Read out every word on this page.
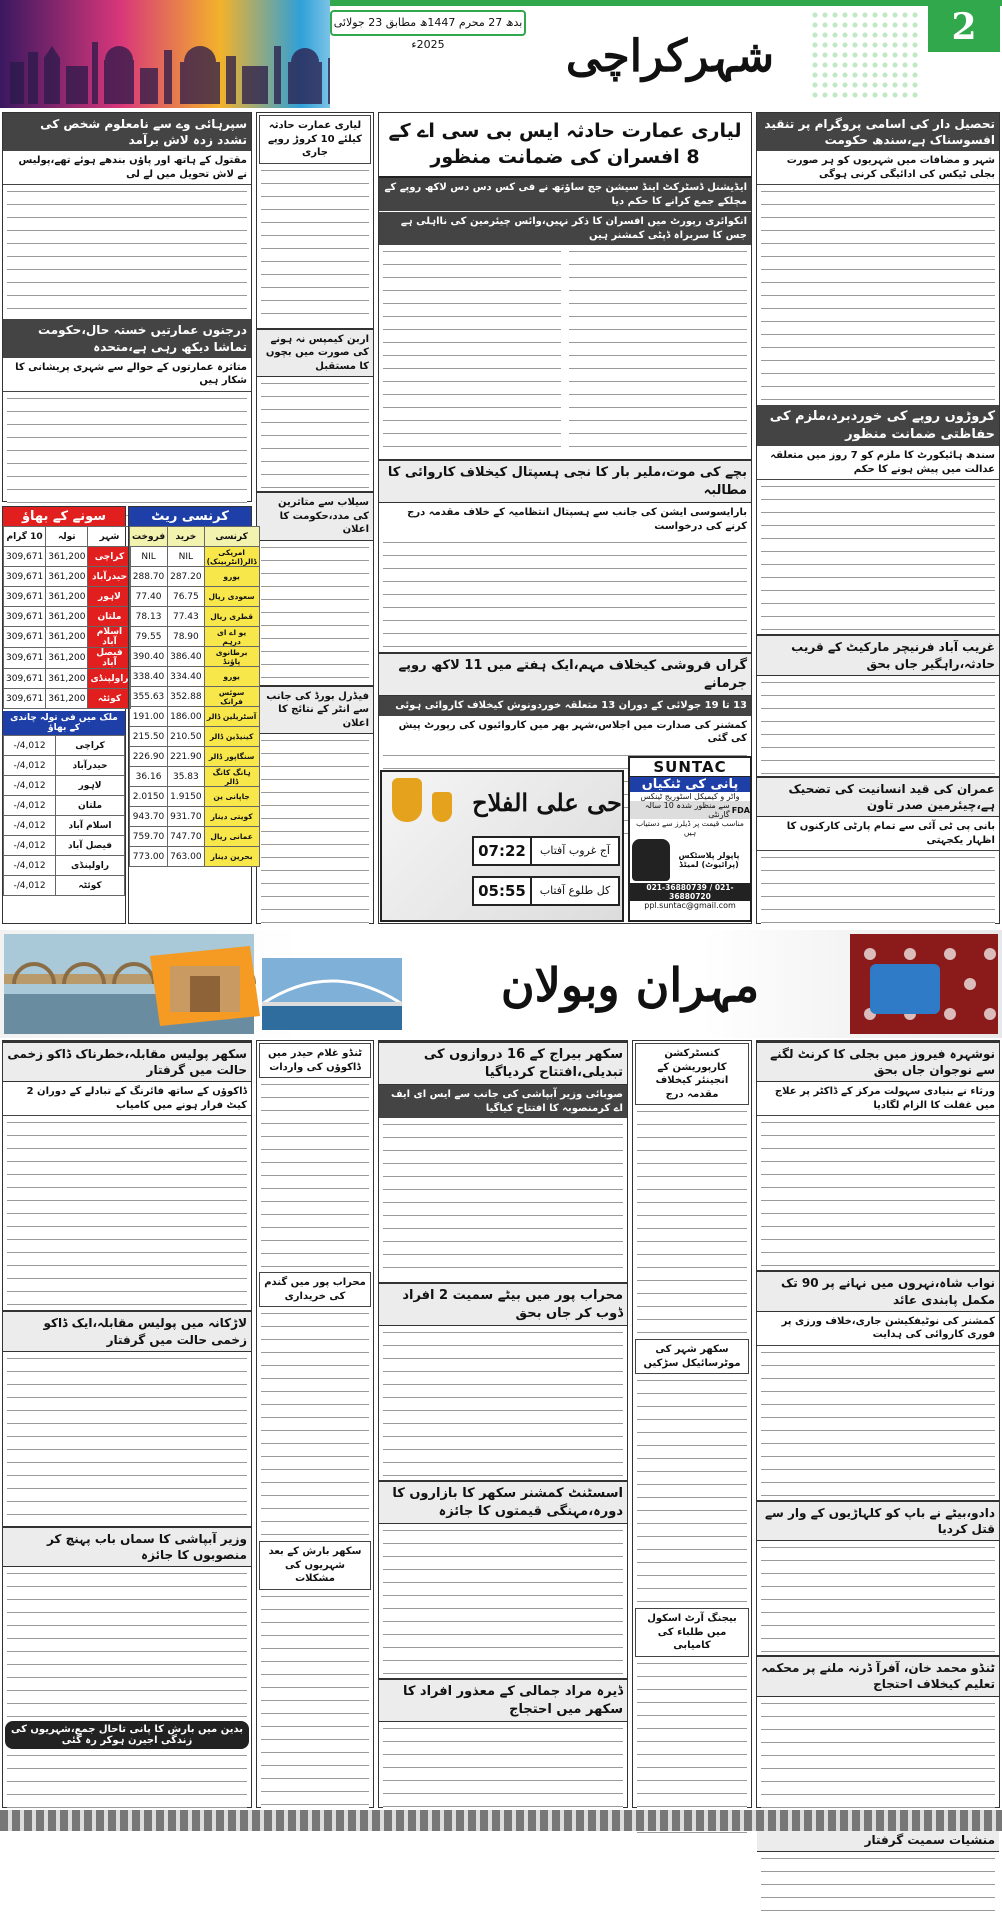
بدھ 27 محرم 1447ھ مطابق 23 جولائی 2025ء	شہرکراچی
2
تحصیل دار کی اسامی پروگرام پر تنقید افسوسناک ہے،سندھ حکومت
شہر و مضافات میں شہریوں کو ہر صورت بجلی ٹیکس کی ادائیگی کرنی ہوگی
کروڑوں روپے کی خوردبرد،ملزم کی حفاظتی ضمانت منظور
سندھ ہائیکورٹ کا ملزم کو 7 روز میں متعلقہ عدالت میں پیش ہونے کا حکم
غریب آباد فرنیچر مارکیٹ کے قریب حادثہ،راہگیر جاں بحق
عمران کی قید انسانیت کی تضحیک ہے،چیئرمین صدر تاون
بانی پی ٹی آئی سے تمام پارٹی کارکنوں کا اظہار یکجہتی
لیاری عمارت حادثہ ایس بی سی اے کے 8 افسران کی ضمانت منظور
ایڈیشنل ڈسٹرکٹ اینڈ سیشن جج ساؤتھ نے فی کس دس دس لاکھ روپے کے مچلکے جمع کرانے کا حکم دیا
انکوائری رپورٹ میں افسران کا ذکر نہیں،وائس چیئرمین کی نااہلی ہے جس کا سربراہ ڈپٹی کمشنر ہیں
بچے کی موت،ملیر بار کا نجی ہسپتال کیخلاف کاروائی کا مطالبہ
بارایسوسی ایشن کی جانب سے ہسپتال انتظامیہ کے خلاف مقدمہ درج کرنے کی درخواست
گراں فروشی کیخلاف مہم،ایک ہفتے میں 11 لاکھ روپے جرمانے
13 تا 19 جولائی کے دوران 13 متعلقہ خوردونوش کیخلاف کاروائی ہوئی
کمشنر کی صدارت میں اجلاس،شہر بھر میں کاروائیوں کی رپورٹ پیش کی گئی
حی علی الفلاح
07:22	آج غروب آفتاب
05:55	کل طلوع آفتاب
SUNTAC
پانی کی ٹنکیاں
واٹر و کیمیکل اسٹوریج ٹینکس
FDA
سے منظور شدہ 10 سالہ گارنٹی
مناسب قیمت پر ڈیلرز سے دستیاب ہیں
پاپولر پلاسٹکس (پرائیوٹ) لمیٹڈ
021-36880739 / 021-36880720
ppl.suntac@gmail.com
لیاری عمارت حادثہ کیلئے 10 کروڑ روپے جاری
اربن کیمپس نہ ہونے کی صورت میں بچوں کا مستقبل
سیلاب سے متاثرین کی مدد،حکومت کا اعلان
فیڈرل بورڈ کی جانب سے انٹر کے نتائج کا اعلان
سپرہائی وے سے نامعلوم شخص کی تشدد زدہ لاش برآمد
مقتول کے ہاتھ اور پاؤں بندھے ہوئے تھے،پولیس نے لاش تحویل میں لے لی
درجنوں عمارتیں خستہ حال،حکومت تماشا دیکھ رہی ہے،متحدہ
متاثرہ عمارتوں کے حوالے سے شہری پریشانی کا شکار ہیں
سونے کے بھاؤ
شہر	تولہ	10 گرام
کراچی	361,200	309,671
حیدرآباد	361,200	309,671
لاہور	361,200	309,671
ملتان	361,200	309,671
اسلام آباد	361,200	309,671
فیصل آباد	361,200	309,671
راولپنڈی	361,200	309,671
کوئٹہ	361,200	309,671
ملک میں فی تولہ چاندی کے بھاؤ
کراچی	4,012/-
حیدرآباد	4,012/-
لاہور	4,012/-
ملتان	4,012/-
اسلام آباد	4,012/-
فیصل آباد	4,012/-
راولپنڈی	4,012/-
کوئٹہ	4,012/-
کرنسی ریٹ
کرنسی	خرید	فروخت
امریکی ڈالر(انٹربینک)	NIL	NIL
یورو	287.20	288.70
سعودی ریال	76.75	77.40
قطری ریال	77.43	78.13
یو اے ای درہم	78.90	79.55
برطانوی پاؤنڈ	386.40	390.40
یورو	334.40	338.40
سوئس فرانک	352.88	355.63
آسٹریلین ڈالر	186.00	191.00
کینیڈین ڈالر	210.50	215.50
سنگاپور ڈالر	221.90	226.90
ہانگ کانگ ڈالر	35.83	36.16
جاپانی ین	1.9150	2.0150
کویتی دینار	931.70	943.70
عمانی ریال	747.70	759.70
بحرین دینار	763.00	773.00
مہران وبولان
نوشہرہ فیروز میں بجلی کا کرنٹ لگنے سے نوجوان جاں بحق
ورثاء نے بنیادی سہولت مرکز کے ڈاکٹر پر علاج میں غفلت کا الزام لگادیا
نواب شاہ،نہروں میں نہانے پر 90 تک مکمل پابندی عائد
کمشنر کی نوٹیفکیشن جاری،خلاف ورزی پر فوری کاروائی کی ہدایت
دادو،بیٹے نے باپ کو کلہاڑیوں کے وار سے قتل کردیا
ٹنڈو محمد خان، آفرآ ڈرنہ ملنے پر محکمہ تعلیم کیخلاف احتجاج
منشیات سمیت گرفتار
سکھر بیراج کے 16 دروازوں کی تبدیلی،افتتاح کردیاگیا
صوبائی وزیر آبپاشی کی جانب سے ایس ای ایف اے کرمنصوبہ کا افتتاح کیاگیا
محراب پور میں بیٹے سمیت 2 افراد ڈوب کر جاں بحق
اسسٹنٹ کمشنر سکھر کا بازاروں کا دورہ،مہنگی قیمتوں کا جائزہ
ڈیرہ مراد جمالی کے معذور افراد کا سکھر میں احتجاج
کنسٹرکشن کارپوریشن کے انجینئر کیخلاف مقدمہ درج
سکھر شہر کی موٹرسائیکل سڑکیں
بیجنگ آرٹ اسکول میں طلباء کی کامیابی
سکھر پولیس مقابلہ،خطرناک ڈاکو زخمی حالت میں گرفتار
ڈاکوؤں کے ساتھ فائرنگ کے تبادلے کے دوران 2 کیٹ فرار ہونے میں کامیاب
لاڑکانہ میں پولیس مقابلہ،ایک ڈاکو زخمی حالت میں گرفتار
وزیر آبپاشی کا سماں باب پہنچ کر منصوبوں کا جائزہ
بدین میں بارش کا پانی تاحال جمع،شہریوں کی زندگی اجیرن ہوکر رہ گئی
ٹنڈو غلام حیدر میں ڈاکوؤں کی واردات
محراب پور میں گندم کی خریداری
سکھر بارش کے بعد شہریوں کی مشکلات
